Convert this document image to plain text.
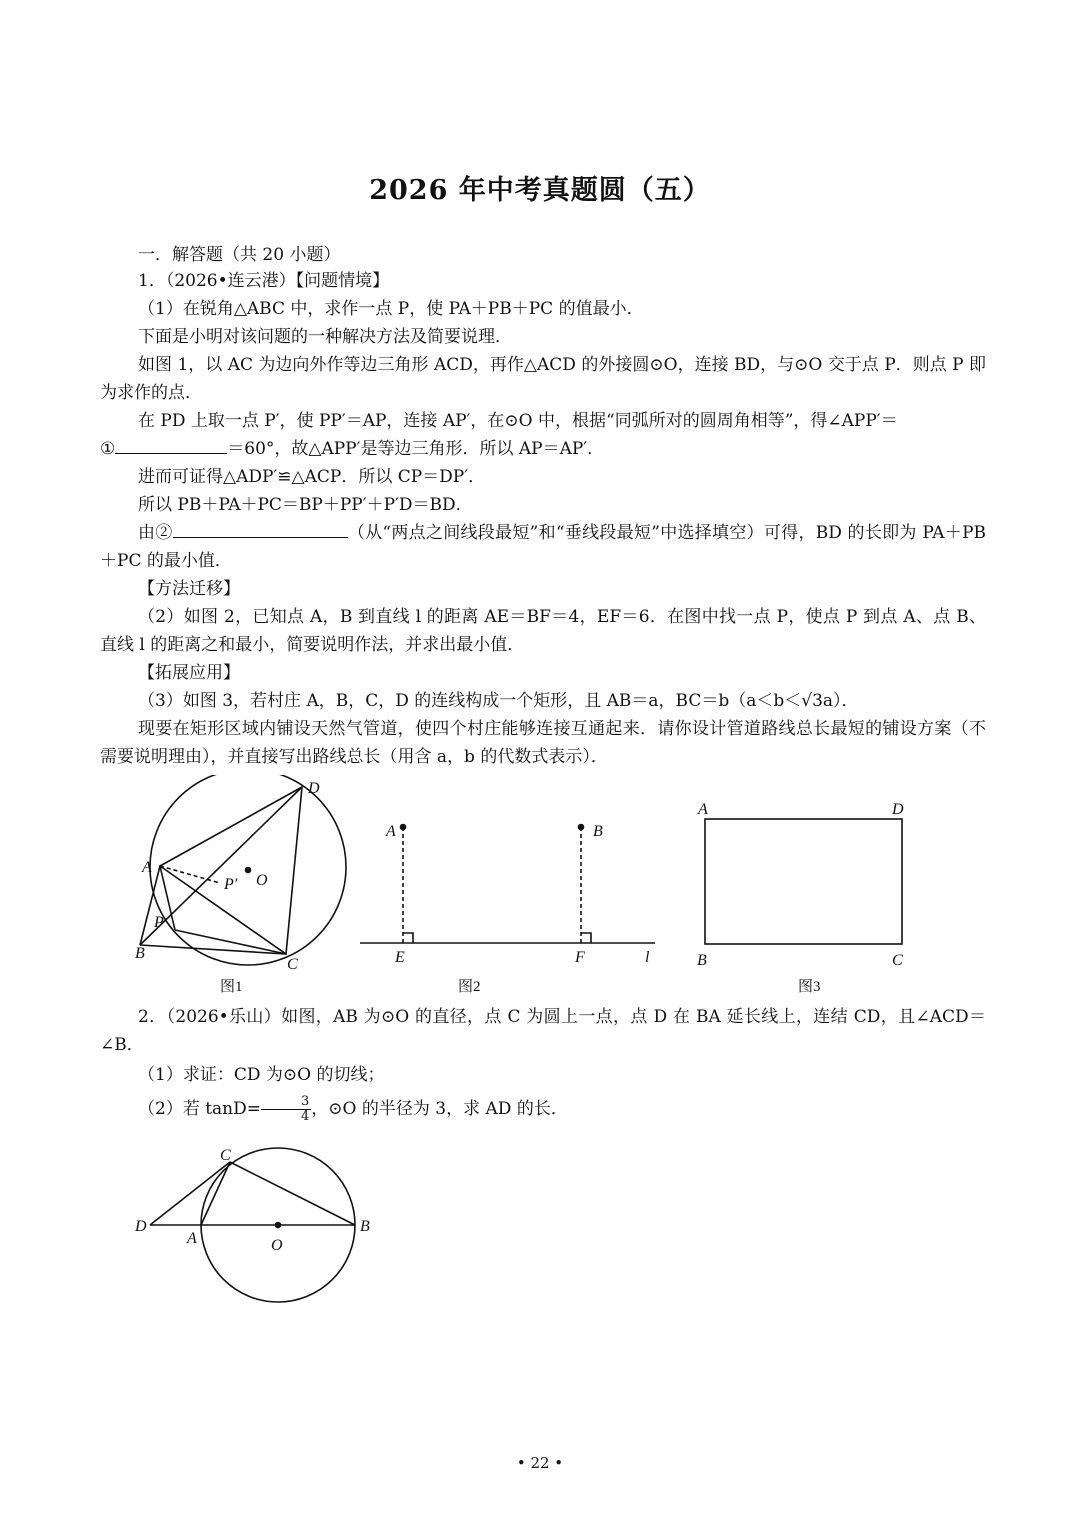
2026 年中考真题圆（五）
一．解答题（共 20 小题）

1．（2026•连云港）【问题情境】

（1）在锐角△ABC 中，求作一点 P，使 PA＋PB＋PC 的值最小．

下面是小明对该问题的一种解决方法及简要说理．

如图 1，以 AC 为边向外作等边三角形 ACD，再作△ACD 的外接圆⊙O，连接 BD，与⊙O 交于点 P．则点 P 即为求作的点．

在 PD 上取一点 P′，使 PP′＝AP，连接 AP′，在⊙O 中，根据“同弧所对的圆周角相等”，得∠APP′＝

①	＝60°，故△APP′是等边三角形．所以 AP＝AP′．

进而可证得△ADP′≌△ACP．所以 CP＝DP′．

所以 PB＋PA＋PC＝BP＋PP′＋P′D＝BD．

由②	（从“两点之间线段最短”和“垂线段最短”中选择填空）可得，BD 的长即为 PA＋PB＋PC 的最小值．

【方法迁移】

（2）如图 2，已知点 A，B 到直线 l 的距离 AE＝BF＝4，EF＝6．在图中找一点 P，使点 P 到点 A、点 B、直线 l 的距离之和最小，简要说明作法，并求出最小值．

【拓展应用】

（3）如图 3，若村庄 A，B，C，D 的连线构成一个矩形，且 AB＝a，BC＝b（a＜b＜√3a）．

现要在矩形区域内铺设天然气管道，使四个村庄能够连接互通起来．请你设计管道路线总长最短的铺设方案（不需要说明理由），并直接写出路线总长（用含 a，b 的代数式表示）．

D
A
P′ O
P
B
C
图1
A	B
E	F	l
图2
A	D
B	C
图3

2．（2026•乐山）如图，AB 为⊙O 的直径，点 C 为圆上一点，点 D 在 BA 延长线上，连结 CD，且∠ACD＝∠B．

（1）求证：CD 为⊙O 的切线；

（2）若 $\tan D= \frac{3}{4}$ ，⊙O 的半径为 3，求 AD 的长．

C
D
A	O
B
• 22 •
